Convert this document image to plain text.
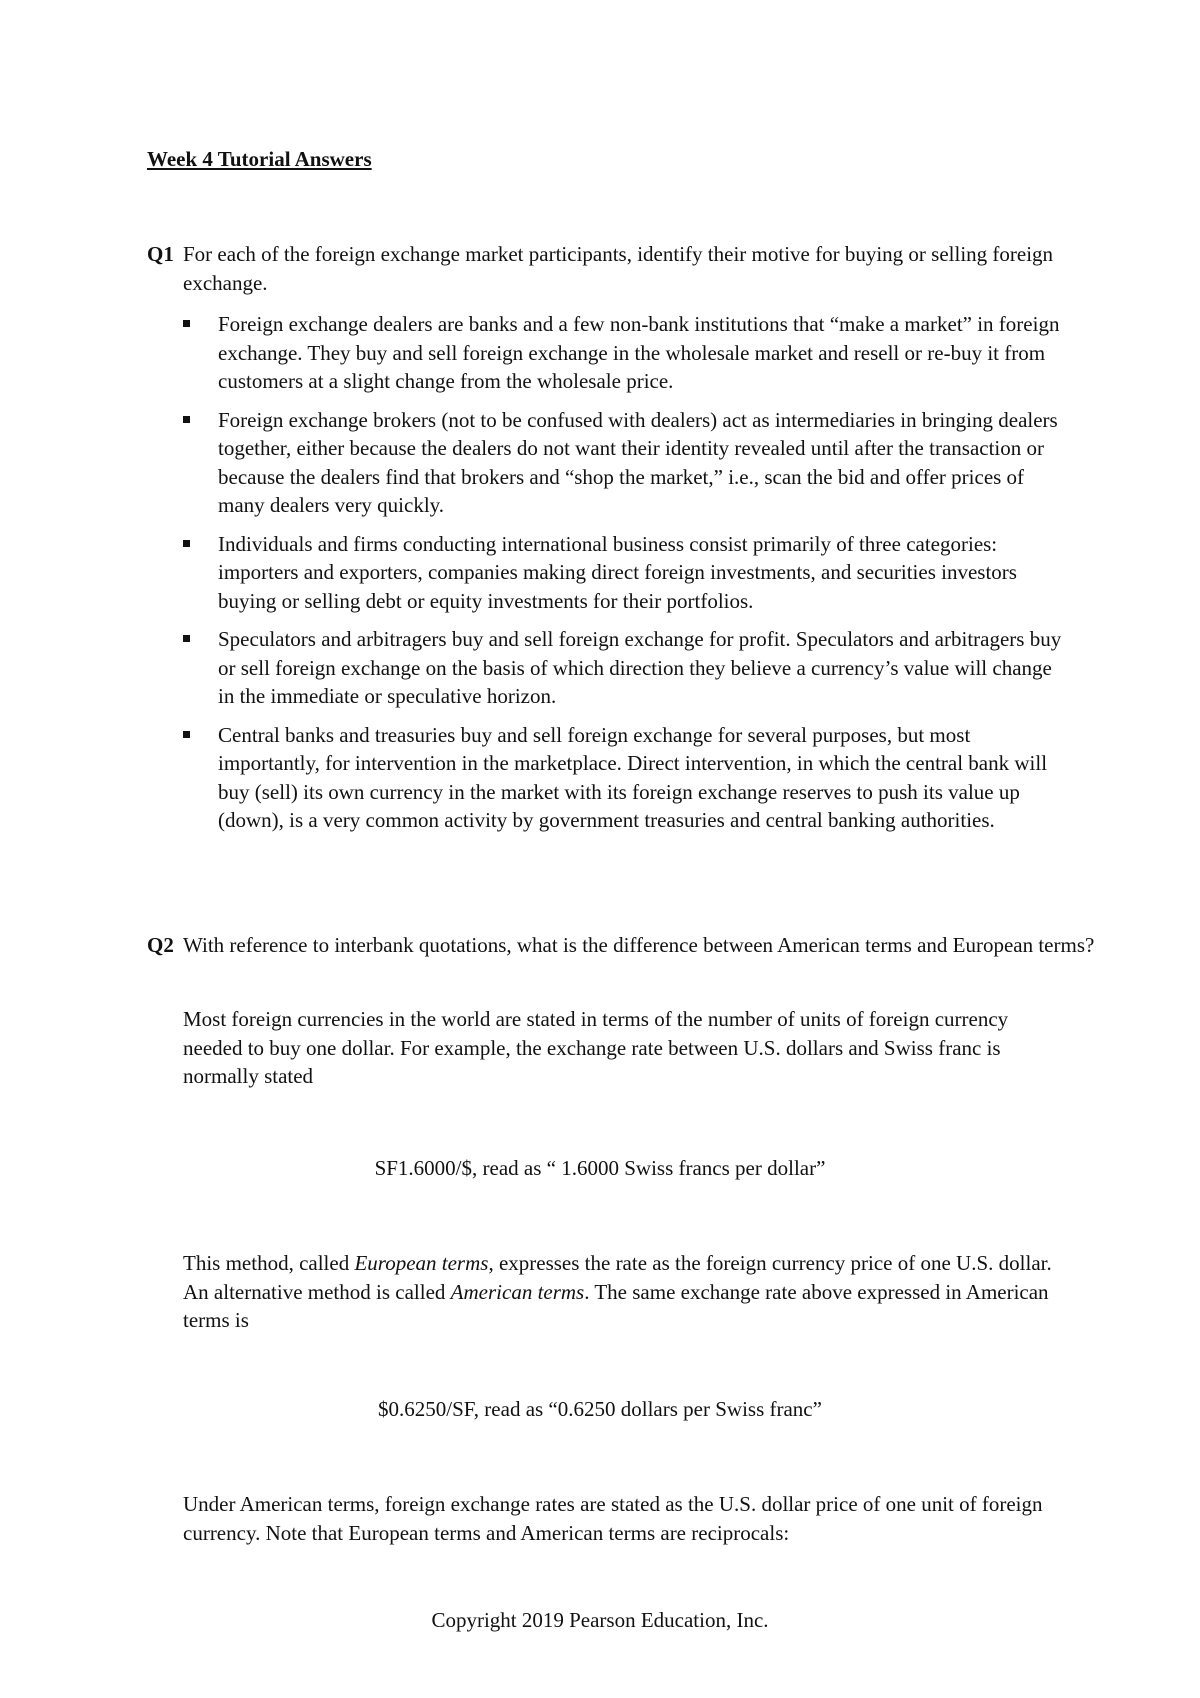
Week 4 Tutorial Answers
Q1 For each of the foreign exchange market participants, identify their motive for buying or selling foreign exchange.
Foreign exchange dealers are banks and a few non-bank institutions that “make a market” in foreign exchange. They buy and sell foreign exchange in the wholesale market and resell or re-buy it from customers at a slight change from the wholesale price.
Foreign exchange brokers (not to be confused with dealers) act as intermediaries in bringing dealers together, either because the dealers do not want their identity revealed until after the transaction or because the dealers find that brokers and “shop the market,” i.e., scan the bid and offer prices of many dealers very quickly.
Individuals and firms conducting international business consist primarily of three categories: importers and exporters, companies making direct foreign investments, and securities investors buying or selling debt or equity investments for their portfolios.
Speculators and arbitragers buy and sell foreign exchange for profit. Speculators and arbitragers buy or sell foreign exchange on the basis of which direction they believe a currency’s value will change in the immediate or speculative horizon.
Central banks and treasuries buy and sell foreign exchange for several purposes, but most importantly, for intervention in the marketplace. Direct intervention, in which the central bank will buy (sell) its own currency in the market with its foreign exchange reserves to push its value up (down), is a very common activity by government treasuries and central banking authorities.
Q2 With reference to interbank quotations, what is the difference between American terms and European terms?
Most foreign currencies in the world are stated in terms of the number of units of foreign currency needed to buy one dollar. For example, the exchange rate between U.S. dollars and Swiss franc is normally stated
SF1.6000/$, read as “ 1.6000 Swiss francs per dollar”
This method, called European terms, expresses the rate as the foreign currency price of one U.S. dollar. An alternative method is called American terms. The same exchange rate above expressed in American terms is
$0.6250/SF, read as “0.6250 dollars per Swiss franc”
Under American terms, foreign exchange rates are stated as the U.S. dollar price of one unit of foreign currency. Note that European terms and American terms are reciprocals:
Copyright 2019 Pearson Education, Inc.
